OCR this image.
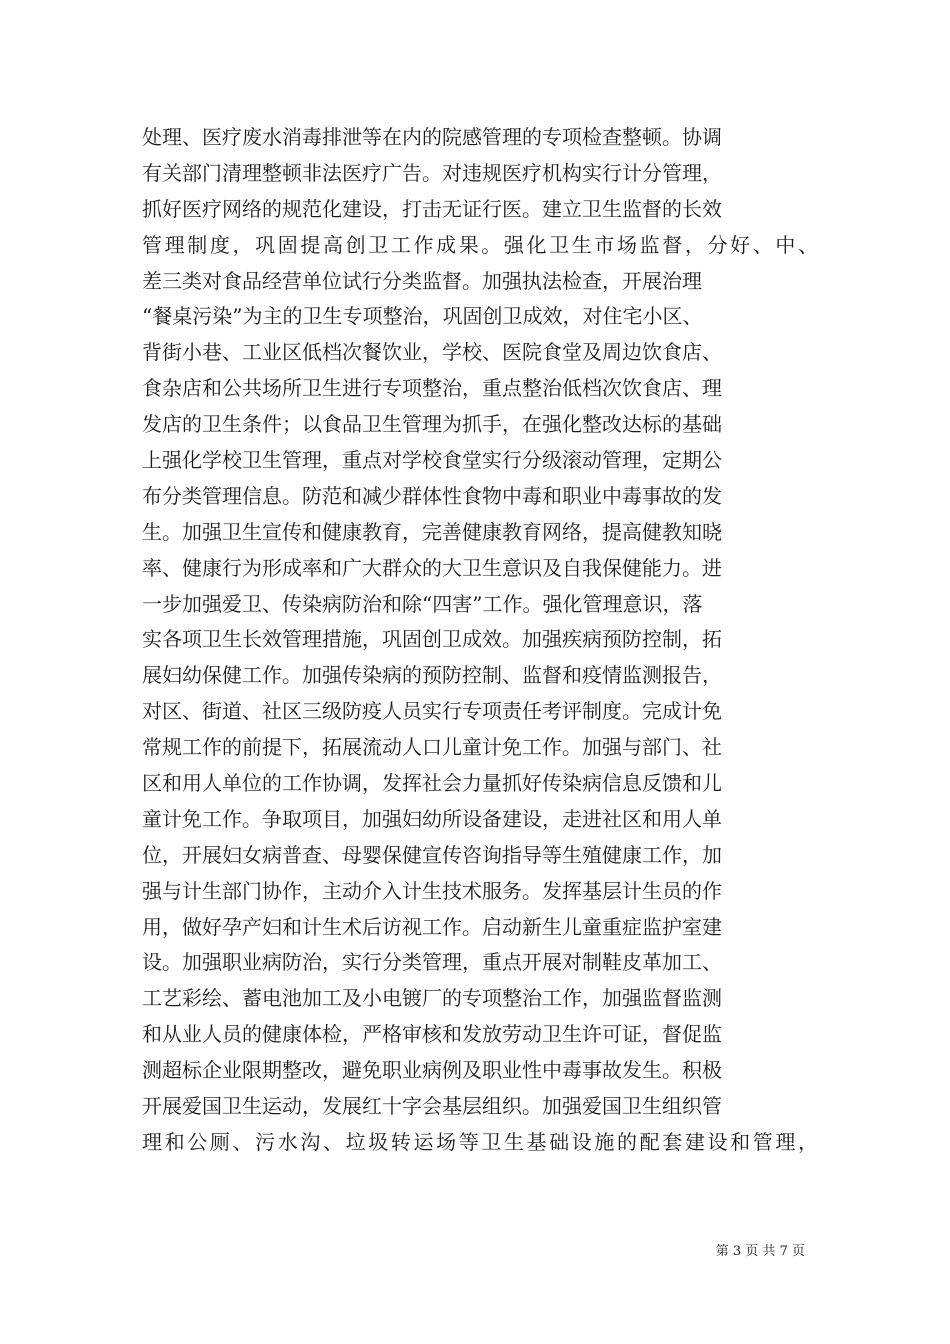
处理、医疗废水消毒排泄等在内的院感管理的专项检查整顿。协调
有关部门清理整顿非法医疗广告。对违规医疗机构实行计分管理，
抓好医疗网络的规范化建设，打击无证行医。建立卫生监督的长效
管理制度，巩固提高创卫工作成果。强化卫生市场监督，分好、中、
差三类对食品经营单位试行分类监督。加强执法检查，开展治理
“餐桌污染”为主的卫生专项整治，巩固创卫成效，对住宅小区、
背街小巷、工业区低档次餐饮业，学校、医院食堂及周边饮食店、
食杂店和公共场所卫生进行专项整治，重点整治低档次饮食店、理
发店的卫生条件；以食品卫生管理为抓手，在强化整改达标的基础
上强化学校卫生管理，重点对学校食堂实行分级滚动管理，定期公
布分类管理信息。防范和减少群体性食物中毒和职业中毒事故的发
生。加强卫生宣传和健康教育，完善健康教育网络，提高健教知晓
率、健康行为形成率和广大群众的大卫生意识及自我保健能力。进
一步加强爱卫、传染病防治和除“四害”工作。强化管理意识，落
实各项卫生长效管理措施，巩固创卫成效。加强疾病预防控制，拓
展妇幼保健工作。加强传染病的预防控制、监督和疫情监测报告，
对区、街道、社区三级防疫人员实行专项责任考评制度。完成计免
常规工作的前提下，拓展流动人口儿童计免工作。加强与部门、社
区和用人单位的工作协调，发挥社会力量抓好传染病信息反馈和儿
童计免工作。争取项目，加强妇幼所设备建设，走进社区和用人单
位，开展妇女病普查、母婴保健宣传咨询指导等生殖健康工作，加
强与计生部门协作，主动介入计生技术服务。发挥基层计生员的作
用，做好孕产妇和计生术后访视工作。启动新生儿童重症监护室建
设。加强职业病防治，实行分类管理，重点开展对制鞋皮革加工、
工艺彩绘、蓄电池加工及小电镀厂的专项整治工作，加强监督监测
和从业人员的健康体检，严格审核和发放劳动卫生许可证，督促监
测超标企业限期整改，避免职业病例及职业性中毒事故发生。积极
开展爱国卫生运动，发展红十字会基层组织。加强爱国卫生组织管
理和公厕、污水沟、垃圾转运场等卫生基础设施的配套建设和管理，
第 3 页 共 7 页
